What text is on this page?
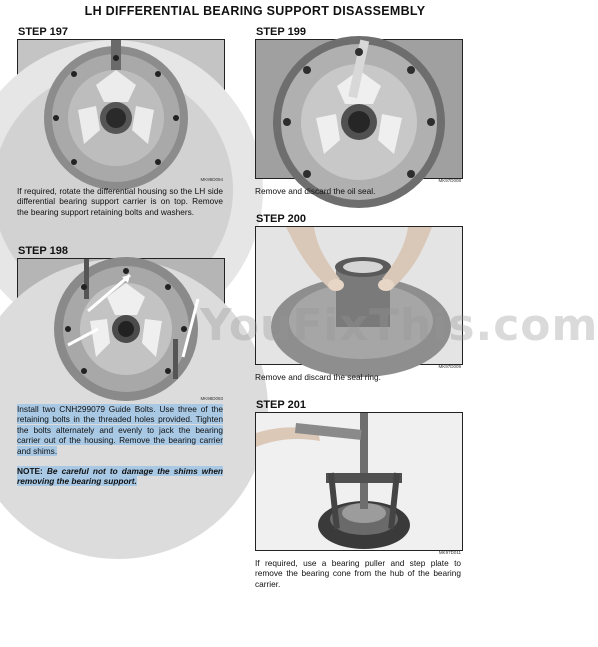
LH DIFFERENTIAL BEARING SUPPORT DISASSEMBLY
STEP 197
MK98D094
If required, rotate the differential housing so the LH side differential bearing support carrier is on top. Remove the bearing support retaining bolts and washers.
STEP 198
MK98D093
Install two CNH299079 Guide Bolts. Use three of the retaining bolts in the threaded holes provided. Tighten the bolts alternately and evenly to jack the bearing carrier out of the housing. Remove the bearing carrier and shims.
NOTE: Be careful not to damage the shims when removing the bearing support.
STEP 199
MK97D008
Remove and discard the oil seal.
STEP 200
MK97D009
Remove and discard the seal ring.
STEP 201
MK97D011
If required, use a bearing puller and step plate to remove the bearing cone from the hub of the bearing carrier.
YouFixThis.com
